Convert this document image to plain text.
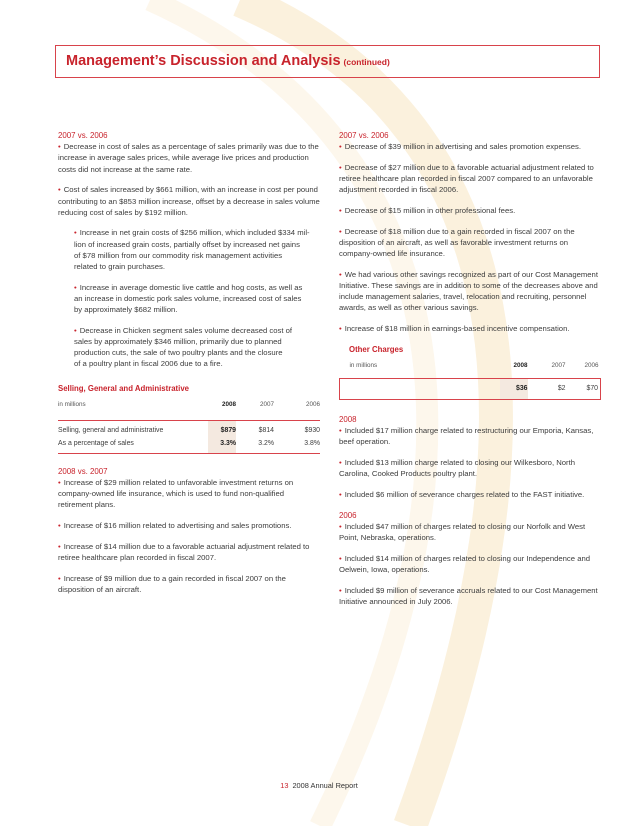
Management’s Discussion and Analysis (continued)
2007 vs. 2006

• Decrease in cost of sales as a percentage of sales primarily was due to the increase in average sales prices, while average live prices and production costs did not increase at the same rate.

• Cost of sales increased by $661 million, with an increase in cost per pound contributing to an $853 million increase, offset by a decrease in sales volume reducing cost of sales by $192 million.

• Increase in net grain costs of $256 million, which included $334 mil-
lion of increased grain costs, partially offset by increased net gains
of $78 million from our commodity risk management activities
related to grain purchases.
• Increase in average domestic live cattle and hog costs, as well as
an increase in domestic pork sales volume, increased cost of sales
by approximately $682 million.
• Decrease in Chicken segment sales volume decreased cost of
sales by approximately $346 million, primarily due to planned
production cuts, the sale of two poultry plants and the closure
of a poultry plant in fiscal 2006 due to a fire.
Selling, General and Administrative
in millions	2008	2007	2006

Selling, general and administrative	$879	$814	$930
As a percentage of sales	3.3%	3.2%	3.8%
2008 vs. 2007

• Increase of $29 million related to unfavorable investment returns on company-owned life insurance, which is used to fund non-qualified retirement plans.

• Increase of $16 million related to advertising and sales promotions.

• Increase of $14 million due to a favorable actuarial adjustment related to retiree healthcare plan recorded in fiscal 2007.

• Increase of $9 million due to a gain recorded in fiscal 2007 on the disposition of an aircraft.

2007 vs. 2006

• Decrease of $39 million in advertising and sales promotion expenses.

• Decrease of $27 million due to a favorable actuarial adjustment related to retiree healthcare plan recorded in fiscal 2007 compared to an unfavorable adjustment recorded in fiscal 2006.

• Decrease of $15 million in other professional fees.

• Decrease of $18 million due to a gain recorded in fiscal 2007 on the disposition of an aircraft, as well as favorable investment returns on company-owned life insurance.

• We had various other savings recognized as part of our Cost Management Initiative. These savings are in addition to some of the decreases above and include management salaries, travel, relocation and recruiting, personnel awards, as well as other various savings.

• Increase of $18 million in earnings-based incentive compensation.

Other Charges
in millions	2008	2007	2006

	$36	$2	$70
2008

• Included $17 million charge related to restructuring our Emporia, Kansas, beef operation.

• Included $13 million charge related to closing our Wilkesboro, North Carolina, Cooked Products poultry plant.

• Included $6 million of severance charges related to the FAST initiative.

2006

• Included $47 million of charges related to closing our Norfolk and West Point, Nebraska, operations.

• Included $14 million of charges related to closing our Independence and Oelwein, Iowa, operations.

• Included $9 million of severance accruals related to our Cost Management Initiative announced in July 2006.

13 2008 Annual Report
